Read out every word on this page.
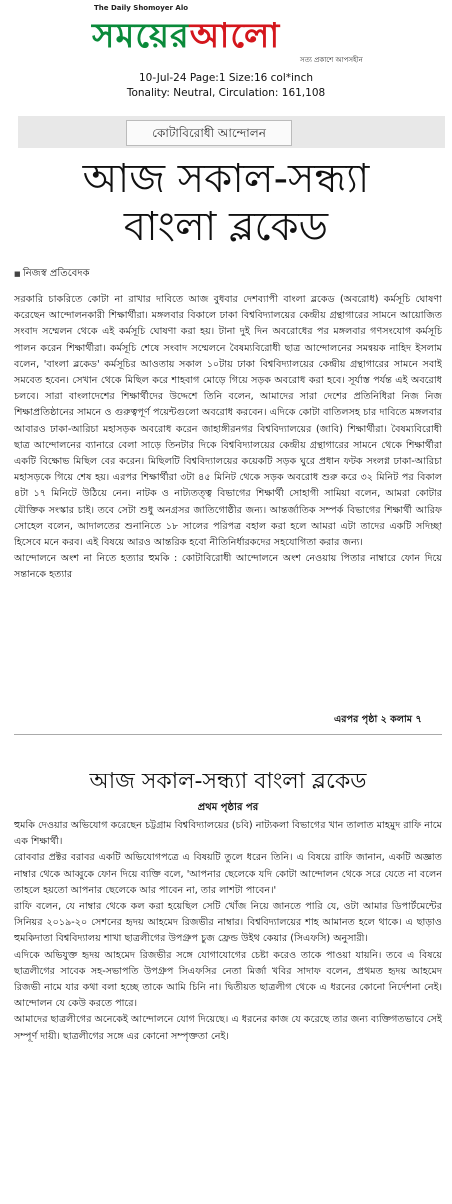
The Daily Shomoyer Alo
সময়েরআলো
সত্য প্রকাশে আপসহীন
10-Jul-24 Page:1 Size:16 col*inch
Tonality: Neutral, Circulation: 161,108
কোটাবিরোধী আন্দোলন
আজ সকাল-সন্ধ্যা
বাংলা ব্লকেড
■ নিজস্ব প্রতিবেদক

সরকারি চাকরিতে কোটা না রাখার দাবিতে আজ বুধবার দেশব্যাপী বাংলা ব্লকেড (অবরোধ) কর্মসূচি ঘোষণা করেছেন আন্দোলনকারী শিক্ষার্থীরা। মঙ্গলবার বিকালে ঢাকা বিশ্ববিদ্যালয়ের কেন্দ্রীয় গ্রন্থাগারের সামনে আয়োজিত সংবাদ সম্মেলন থেকে এই কর্মসূচি ঘোষণা করা হয়। টানা দুই দিন অবরোধের পর মঙ্গলবার গণসংযোগ কর্মসূচি পালন করেন শিক্ষার্থীরা। কর্মসূচি শেষে সংবাদ সম্মেলনে বৈষম্যবিরোধী ছাত্র আন্দোলনের সমন্বয়ক নাহিদ ইসলাম বলেন, 'বাংলা ব্লকেড' কর্মসূচির আওতায় সকাল ১০টায় ঢাকা বিশ্ববিদ্যালয়ের কেন্দ্রীয় গ্রন্থাগারের সামনে সবাই সমবেত হবেন। সেখান থেকে মিছিল করে শাহবাগ মোড়ে গিয়ে সড়ক অবরোধ করা হবে। সূর্যাস্ত পর্যন্ত এই অবরোধ চলবে। সারা বাংলাদেশের শিক্ষার্থীদের উদ্দেশে তিনি বলেন, আমাদের সারা দেশের প্রতিনিধিরা নিজ নিজ শিক্ষাপ্রতিষ্ঠানের সামনে ও গুরুত্বপূর্ণ পয়েন্টগুলো অবরোধ করবেন। এদিকে কোটা বাতিলসহ চার দাবিতে মঙ্গলবার আবারও ঢাকা-আরিচা মহাসড়ক অবরোধ করেন জাহাঙ্গীরনগর বিশ্ববিদ্যালয়ের (জাবি) শিক্ষার্থীরা। বৈষম্যবিরোধী ছাত্র আন্দোলনের ব্যানারে বেলা সাড়ে তিনটার দিকে বিশ্ববিদ্যালয়ের কেন্দ্রীয় গ্রন্থাগারের সামনে থেকে শিক্ষার্থীরা একটি বিক্ষোভ মিছিল বের করেন। মিছিলটি বিশ্ববিদ্যালয়ের কয়েকটি সড়ক ঘুরে প্রধান ফটক সংলগ্ন ঢাকা-আরিচা মহাসড়কে গিয়ে শেষ হয়। এরপর শিক্ষার্থীরা ৩টা ৪৫ মিনিট থেকে সড়ক অবরোধ শুরু করে ৩২ মিনিট পর বিকাল ৪টা ১৭ মিনিটে উঠিয়ে নেন। নাটক ও নাট্যতত্ত্ব বিভাগের শিক্ষার্থী সোহাগী সামিয়া বলেন, আমরা কোটার যৌক্তিক সংস্কার চাই। তবে সেটা শুধু অনগ্রসর জাতিগোষ্ঠীর জন্য। আন্তর্জাতিক সম্পর্ক বিভাগের শিক্ষার্থী আরিফ সোহেল বলেন, আদালতের শুনানিতে ১৮ সালের পরিপত্র বহাল করা হলে আমরা এটা তাদের একটি সদিচ্ছা হিসেবে মনে করব। এই বিষয়ে আরও আন্তরিক হবো নীতিনির্ধারকদের সহযোগিতা করার জন্য।

আন্দোলনে অংশ না নিতে হত্যার হুমকি : কোটাবিরোধী আন্দোলনে অংশ নেওয়ায় পিতার নাম্বারে ফোন দিয়ে সন্তানকে হত্যার

এরপর পৃষ্ঠা ২ কলাম ৭
আজ সকাল-সন্ধ্যা বাংলা ব্লকেড
প্রথম পৃষ্ঠার পর

হুমকি দেওয়ার অভিযোগ করেছেন চট্টগ্রাম বিশ্ববিদ্যালয়ের (চবি) নাট্যকলা বিভাগের খান তালাত মাহমুদ রাফি নামে এক শিক্ষার্থী।

রোববার প্রক্টর বরাবর একটি অভিযোগপত্রে এ বিষয়টি তুলে ধরেন তিনি। এ বিষয়ে রাফি জানান, একটি অজ্ঞাত নাম্বার থেকে আব্বুকে ফোন দিয়ে ব্যক্তি বলে, 'আপনার ছেলেকে যদি কোটা আন্দোলন থেকে সরে যেতে না বলেন তাহলে হয়তো আপনার ছেলেকে আর পাবেন না, তার লাশটা পাবেন।'

রাফি বলেন, যে নাম্বার থেকে কল করা হয়েছিল সেটি খোঁজ নিয়ে জানতে পারি যে, ওটা আমার ডিপার্টমেন্টের সিনিয়র ২০১৯-২০ সেশনের হৃদয় আহমেদ রিজভীর নাম্বার। বিশ্ববিদ্যালয়ের শাহ আমানত হলে থাকে। এ ছাড়াও হুমকিদাতা বিশ্ববিদ্যালয় শাখা ছাত্রলীগের উপগ্রুপ চুজ ফ্রেন্ড উইথ কেয়ার (সিএফসি) অনুসারী।

এদিকে অভিযুক্ত হৃদয় আহমেদ রিজভীর সঙ্গে যোগাযোগের চেষ্টা করেও তাকে পাওয়া যায়নি। তবে এ বিষয়ে ছাত্রলীগের সাবেক সহ-সভাপতি উপগ্রুপ সিএফসির নেতা মির্জা খবির সাদাফ বলেন, প্রথমত হৃদয় আহমেদ রিজভী নামে যার কথা বলা হচ্ছে তাকে আমি চিনি না। দ্বিতীয়ত ছাত্রলীগ থেকে এ ধরনের কোনো নির্দেশনা নেই। আন্দোলন যে কেউ করতে পারে।

আমাদের ছাত্রলীগের অনেকেই আন্দোলনে যোগ দিয়েছে। এ ধরনের কাজ যে করেছে তার জন্য ব্যক্তিগতভাবে সেই সম্পূর্ণ দায়ী। ছাত্রলীগের সঙ্গে এর কোনো সম্পৃক্ততা নেই।
